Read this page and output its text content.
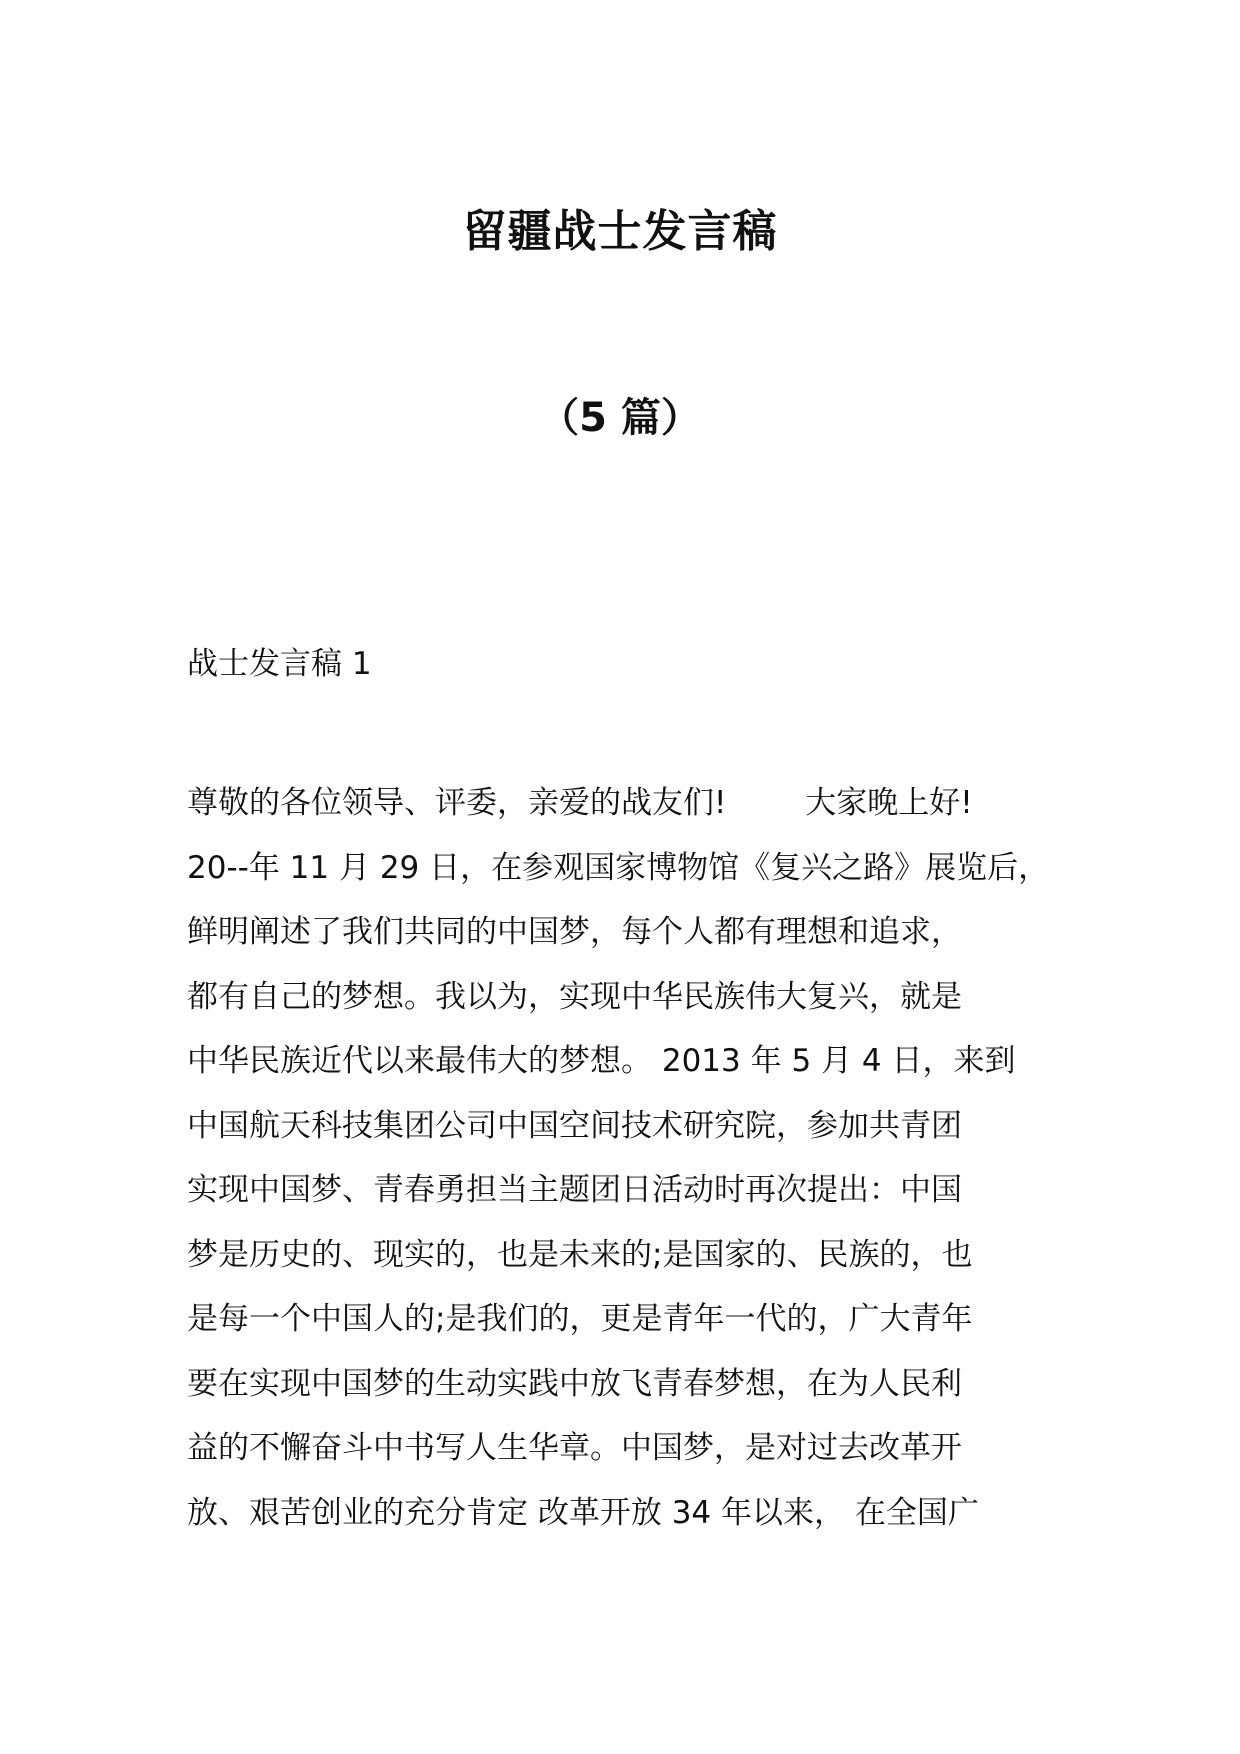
留疆战士发言稿
（5 篇）

战士发言稿 1

尊敬的各位领导、评委，亲爱的战友们!        大家晚上好!
20--年 11 月 29 日，在参观国家博物馆《复兴之路》展览后，
鲜明阐述了我们共同的中国梦，每个人都有理想和追求，
都有自己的梦想。我以为，实现中华民族伟大复兴，就是
中华民族近代以来最伟大的梦想。 2013 年 5 月 4 日，来到
中国航天科技集团公司中国空间技术研究院，参加共青团
实现中国梦、青春勇担当主题团日活动时再次提出：中国
梦是历史的、现实的，也是未来的;是国家的、民族的，也
是每一个中国人的;是我们的，更是青年一代的，广大青年
要在实现中国梦的生动实践中放飞青春梦想，在为人民利
益的不懈奋斗中书写人生华章。中国梦，是对过去改革开
放、艰苦创业的充分肯定 改革开放 34 年以来， 在全国广
